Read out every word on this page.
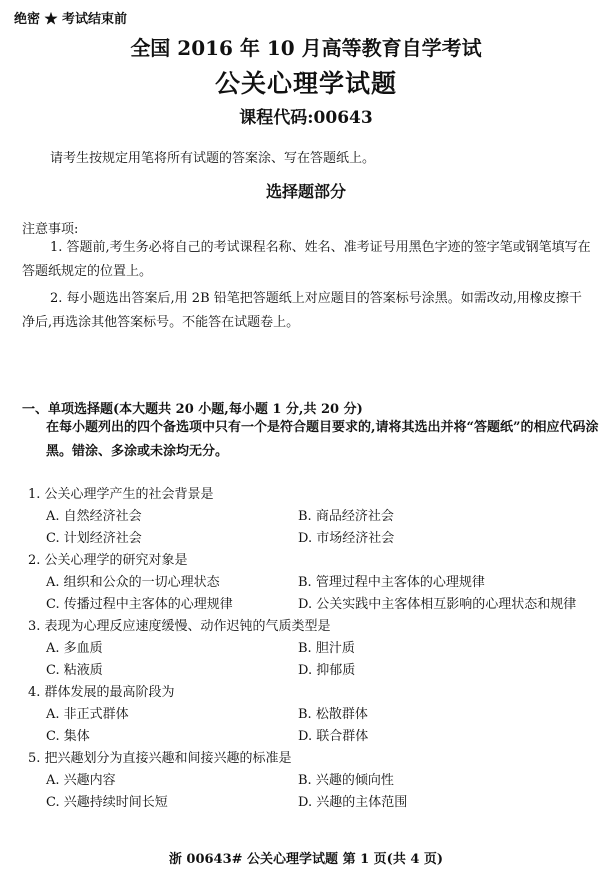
绝密 ★ 考试结束前
全国 2016 年 10 月高等教育自学考试
公关心理学试题
课程代码:00643
请考生按规定用笔将所有试题的答案涂、写在答题纸上。
选择题部分
注意事项:
1. 答题前,考生务必将自己的考试课程名称、姓名、准考证号用黑色字迹的签字笔或钢笔填写在答题纸规定的位置上。
2. 每小题选出答案后,用 2B 铅笔把答题纸上对应题目的答案标号涂黑。如需改动,用橡皮擦干净后,再选涂其他答案标号。不能答在试题卷上。
一、单项选择题(本大题共 20 小题,每小题 1 分,共 20 分)
在每小题列出的四个备选项中只有一个是符合题目要求的,请将其选出并将“答题纸”的相应代码涂黑。错涂、多涂或未涂均无分。
1. 公关心理学产生的社会背景是
A. 自然经济社会	B. 商品经济社会
C. 计划经济社会	D. 市场经济社会
2. 公关心理学的研究对象是
A. 组织和公众的一切心理状态	B. 管理过程中主客体的心理规律
C. 传播过程中主客体的心理规律	D. 公关实践中主客体相互影响的心理状态和规律
3. 表现为心理反应速度缓慢、动作迟钝的气质类型是
A. 多血质	B. 胆汁质
C. 粘液质	D. 抑郁质
4. 群体发展的最高阶段为
A. 非正式群体	B. 松散群体
C. 集体	D. 联合群体
5. 把兴趣划分为直接兴趣和间接兴趣的标准是
A. 兴趣内容	B. 兴趣的倾向性
C. 兴趣持续时间长短	D. 兴趣的主体范围
浙 00643# 公关心理学试题 第 1 页(共 4 页)
